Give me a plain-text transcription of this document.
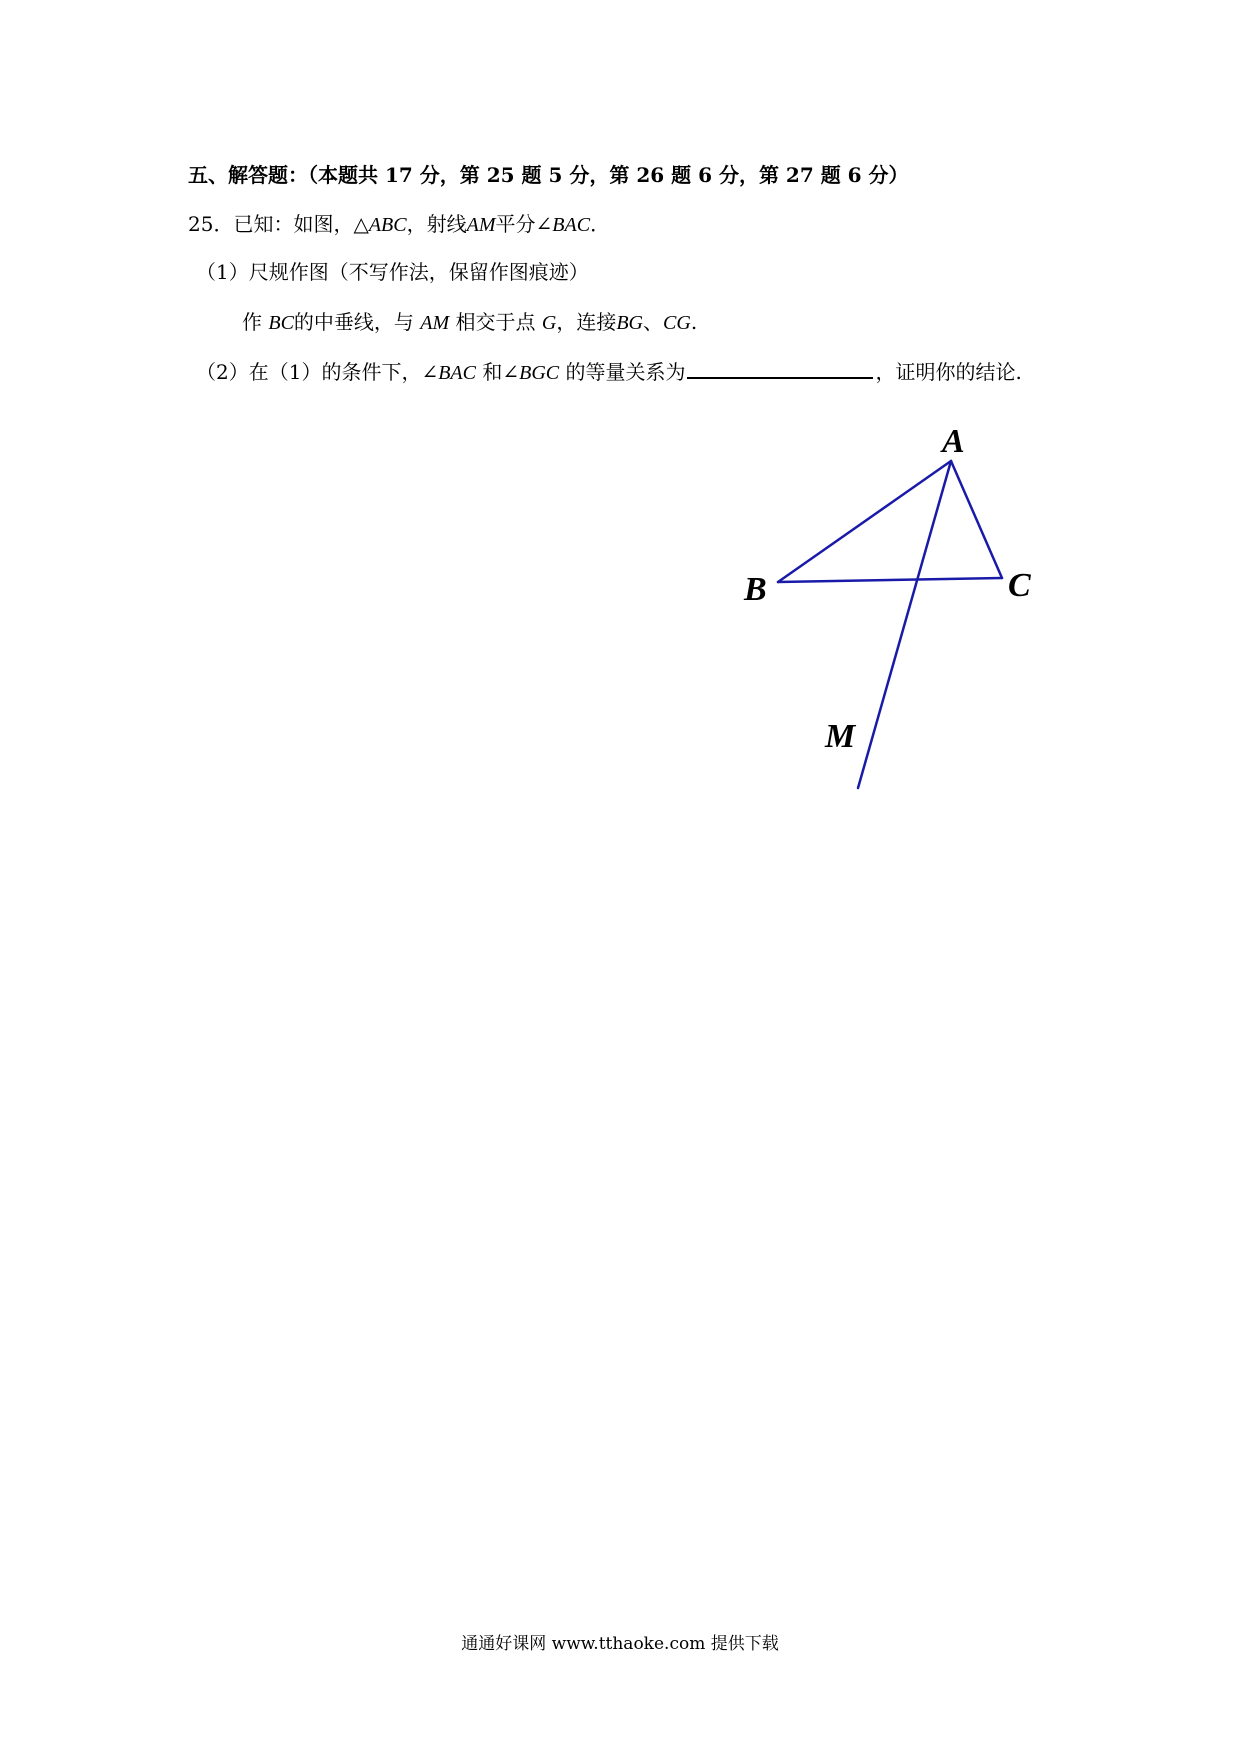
五、解答题：（本题共 17 分，第 25 题 5 分，第 26 题 6 分，第 27 题 6 分）
25．已知：如图，△ABC，射线AM平分∠BAC．
（1）尺规作图（不写作法，保留作图痕迹）
作 BC的中垂线，与 AM 相交于点 G，连接BG、CG.
（2）在（1）的条件下，∠BAC 和∠BGC 的等量关系为	，证明你的结论.
A
B	C
M
通通好课网 www.tthaoke.com 提供下载
